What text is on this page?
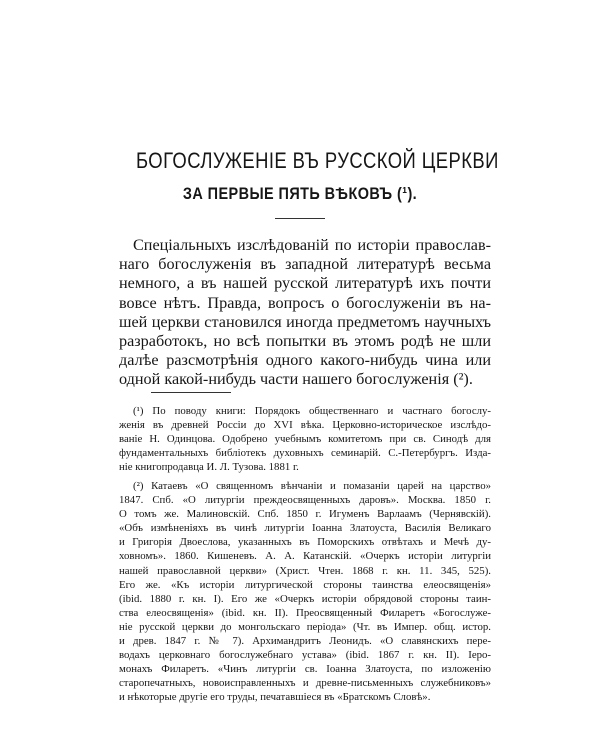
БОГОСЛУЖЕНІЕ ВЪ РУССКОЙ ЦЕРКВИ
ЗА ПЕРВЫЕ ПЯТЬ ВѢКОВЪ (¹).
Спеціальныхъ изслѣдованій по исторіи православ-
наго богослуженія въ западной литературѣ весьма
немного, а въ нашей русской литературѣ ихъ почти
вовсе нѣтъ. Правда, вопросъ о богослуженіи въ на-
шей церкви становился иногда предметомъ научныхъ
разработокъ, но всѣ попытки въ этомъ родѣ не шли
далѣе разсмотрѣнія одного какого-нибудь чина или
одной какой-нибудь части нашего богослуженія (²).
(¹) По поводу книги: Порядокъ общественнаго и частнаго богослу-
женія въ древней Россіи до XVI вѣка. Церковно-историческое изслѣдо-
ваніе Н. Одинцова. Одобрено учебнымъ комитетомъ при св. Синодѣ для
фундаментальныхъ библіотекъ духовныхъ семинарій. С.-Петербургъ. Изда-
ніе книгопродавца И. Л. Тузова. 1881 г.
(²) Катаевъ «О священномъ вѣнчаніи и помазаніи царей на царство»
1847. Спб. «О литургіи преждеосвященныхъ даровъ». Москва. 1850 г.
О томъ же. Малиновскій. Спб. 1850 г. Игуменъ Варлаамъ (Чернявскій).
«Объ измѣненіяхъ въ чинѣ литургіи Іоанна Златоуста, Василія Великаго
и Григорія Двоеслова, указанныхъ въ Поморскихъ отвѣтахъ и Мечѣ ду-
ховномъ». 1860. Кишеневъ. А. А. Катанскій. «Очеркъ исторіи литургіи
нашей православной церкви» (Христ. Чтен. 1868 г. кн. 11. 345, 525).
Его же. «Къ исторіи литургической стороны таинства елеосвященія»
(ibid. 1880 г. кн. I). Его же «Очеркъ исторіи обрядовой стороны таин-
ства елеосвященія» (ibid. кн. II). Преосвященный Филаретъ «Богослуже-
ніе русской церкви до монгольскаго періода» (Чт. въ Импер. общ. истор.
и древ. 1847 г. № 7). Архимандритъ Леонидъ. «О славянскихъ пере-
водахъ церковнаго богослужебнаго устава» (ibid. 1867 г. кн. II). Іеро-
монахъ Филаретъ. «Чинъ литургіи св. Іоанна Златоуста, по изложенію
старопечатныхъ, новоисправленныхъ и древне-письменныхъ служебниковъ»
и нѣкоторые другіе его труды, печатавшіеся въ «Братскомъ Словѣ».
